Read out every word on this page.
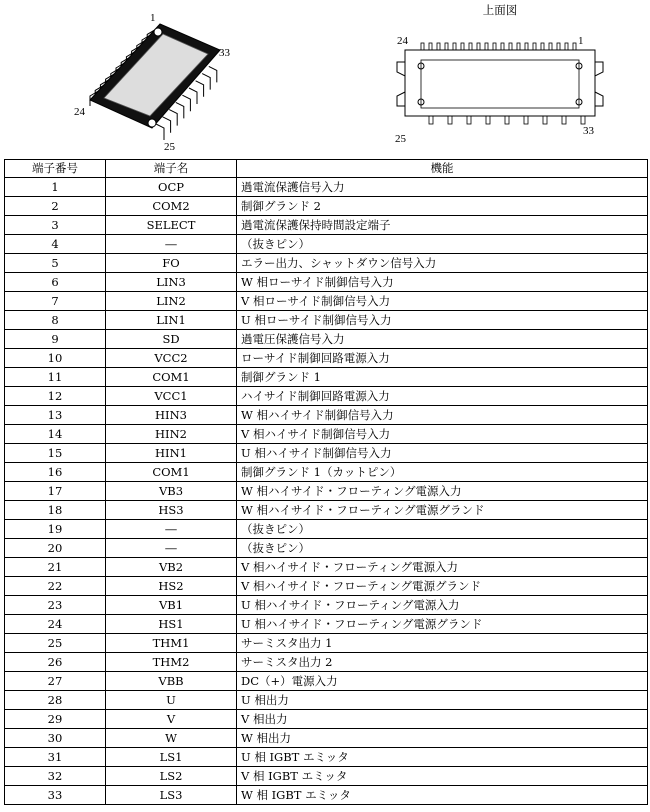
1
33
24
25
上面図
24	1
25
33
端子番号	端子名	機能
1	OCP	過電流保護信号入力
2	COM2	制御グランド 2
3	SELECT	過電流保護保持時間設定端子
4	―	（抜きピン）
5	FO	エラー出力、シャットダウン信号入力
6	LIN3	W 相ローサイド制御信号入力
7	LIN2	V 相ローサイド制御信号入力
8	LIN1	U 相ローサイド制御信号入力
9	SD	過電圧保護信号入力
10	VCC2	ローサイド制御回路電源入力
11	COM1	制御グランド 1
12	VCC1	ハイサイド制御回路電源入力
13	HIN3	W 相ハイサイド制御信号入力
14	HIN2	V 相ハイサイド制御信号入力
15	HIN1	U 相ハイサイド制御信号入力
16	COM1	制御グランド 1（カットピン）
17	VB3	W 相ハイサイド・フローティング電源入力
18	HS3	W 相ハイサイド・フローティング電源グランド
19	―	（抜きピン）
20	―	（抜きピン）
21	VB2	V 相ハイサイド・フローティング電源入力
22	HS2	V 相ハイサイド・フローティング電源グランド
23	VB1	U 相ハイサイド・フローティング電源入力
24	HS1	U 相ハイサイド・フローティング電源グランド
25	THM1	サーミスタ出力 1
26	THM2	サーミスタ出力 2
27	VBB	DC（+）電源入力
28	U	U 相出力
29	V	V 相出力
30	W	W 相出力
31	LS1	U 相 IGBT エミッタ
32	LS2	V 相 IGBT エミッタ
33	LS3	W 相 IGBT エミッタ
